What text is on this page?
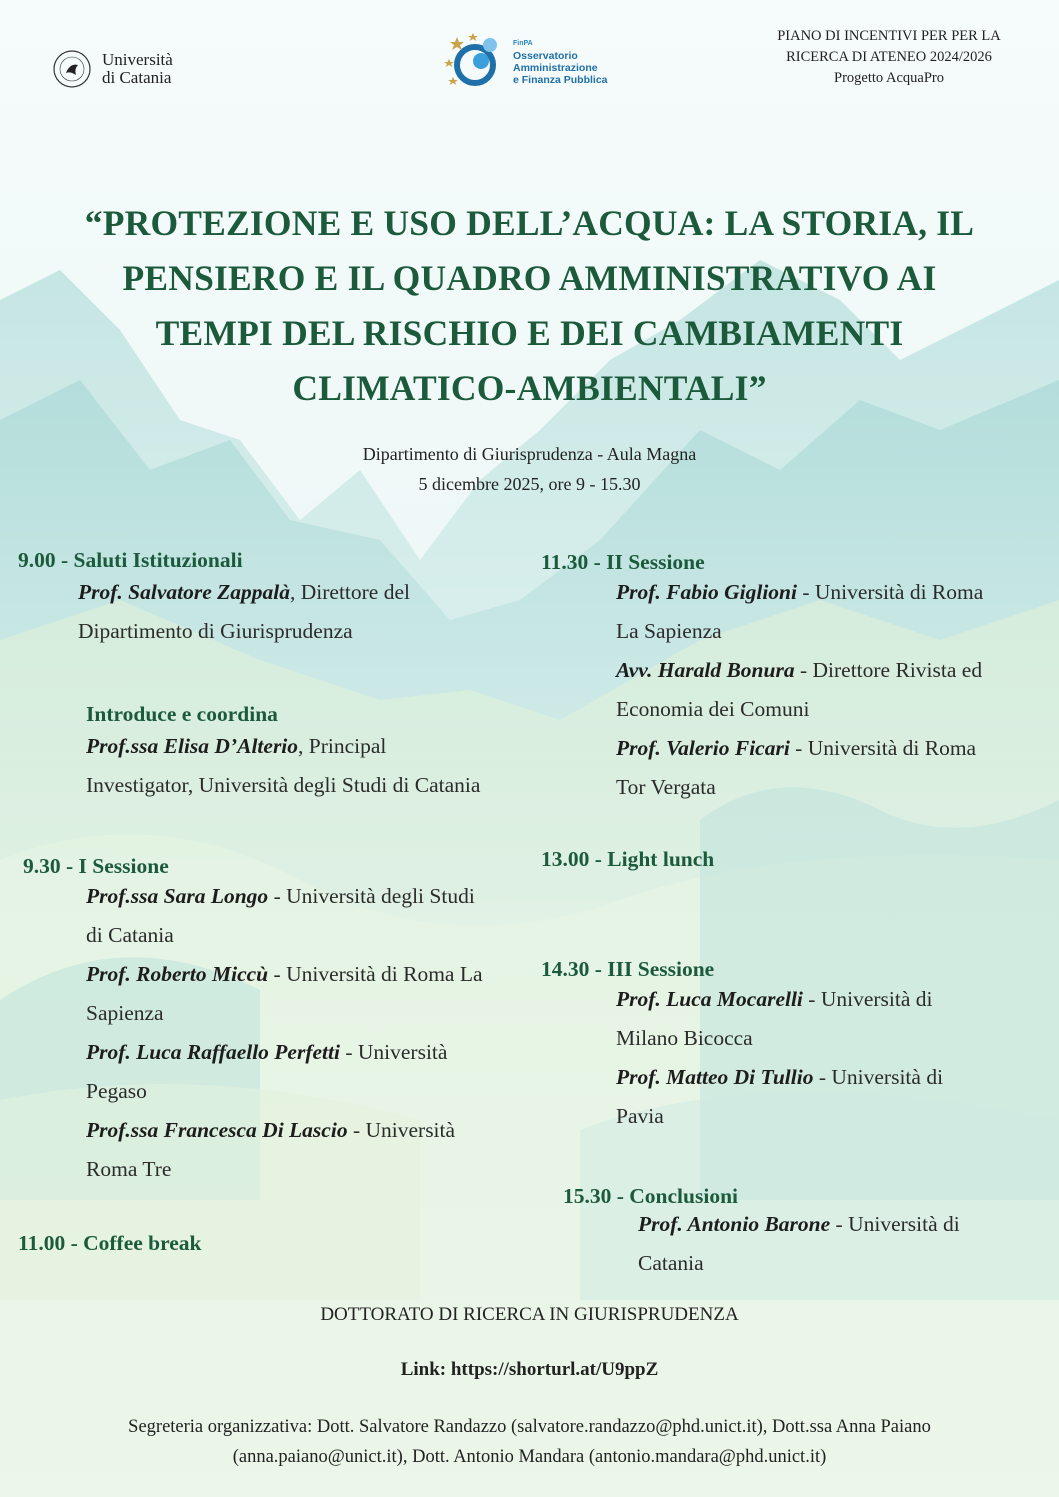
Università
di Catania
FinPA
Osservatorio
Amministrazione
e Finanza Pubblica
PIANO DI INCENTIVI PER PER LA
RICERCA DI ATENEO 2024/2026
Progetto AcquaPro
“PROTEZIONE E USO DELL’ACQUA: LA STORIA, IL
PENSIERO E IL QUADRO AMMINISTRATIVO AI
TEMPI DEL RISCHIO E DEI CAMBIAMENTI
CLIMATICO-AMBIENTALI”
Dipartimento di Giurisprudenza - Aula Magna
5 dicembre 2025, ore 9 - 15.30
9.00 - Saluti Istituzionali
Prof. Salvatore Zappalà, Direttore del
Dipartimento di Giurisprudenza
Introduce e coordina
Prof.ssa Elisa D’Alterio, Principal
Investigator, Università degli Studi di Catania
9.30 - I Sessione
Prof.ssa Sara Longo - Università degli Studi
di Catania
Prof. Roberto Miccù - Università di Roma La
Sapienza
Prof. Luca Raffaello Perfetti - Università
Pegaso
Prof.ssa Francesca Di Lascio - Università
Roma Tre
11.00 - Coffee break
11.30 - II Sessione
Prof. Fabio Giglioni - Università di Roma
La Sapienza
Avv. Harald Bonura - Direttore Rivista ed
Economia dei Comuni
Prof. Valerio Ficari - Università di Roma
Tor Vergata
13.00 - Light lunch
14.30 - III Sessione
Prof. Luca Mocarelli - Università di
Milano Bicocca
Prof. Matteo Di Tullio - Università di
Pavia
15.30 - Conclusioni
Prof. Antonio Barone - Università di
Catania
DOTTORATO DI RICERCA IN GIURISPRUDENZA
Link: https://shorturl.at/U9ppZ
Segreteria organizzativa: Dott. Salvatore Randazzo (salvatore.randazzo@phd.unict.it), Dott.ssa Anna Paiano
(anna.paiano@unict.it), Dott. Antonio Mandara (antonio.mandara@phd.unict.it)
